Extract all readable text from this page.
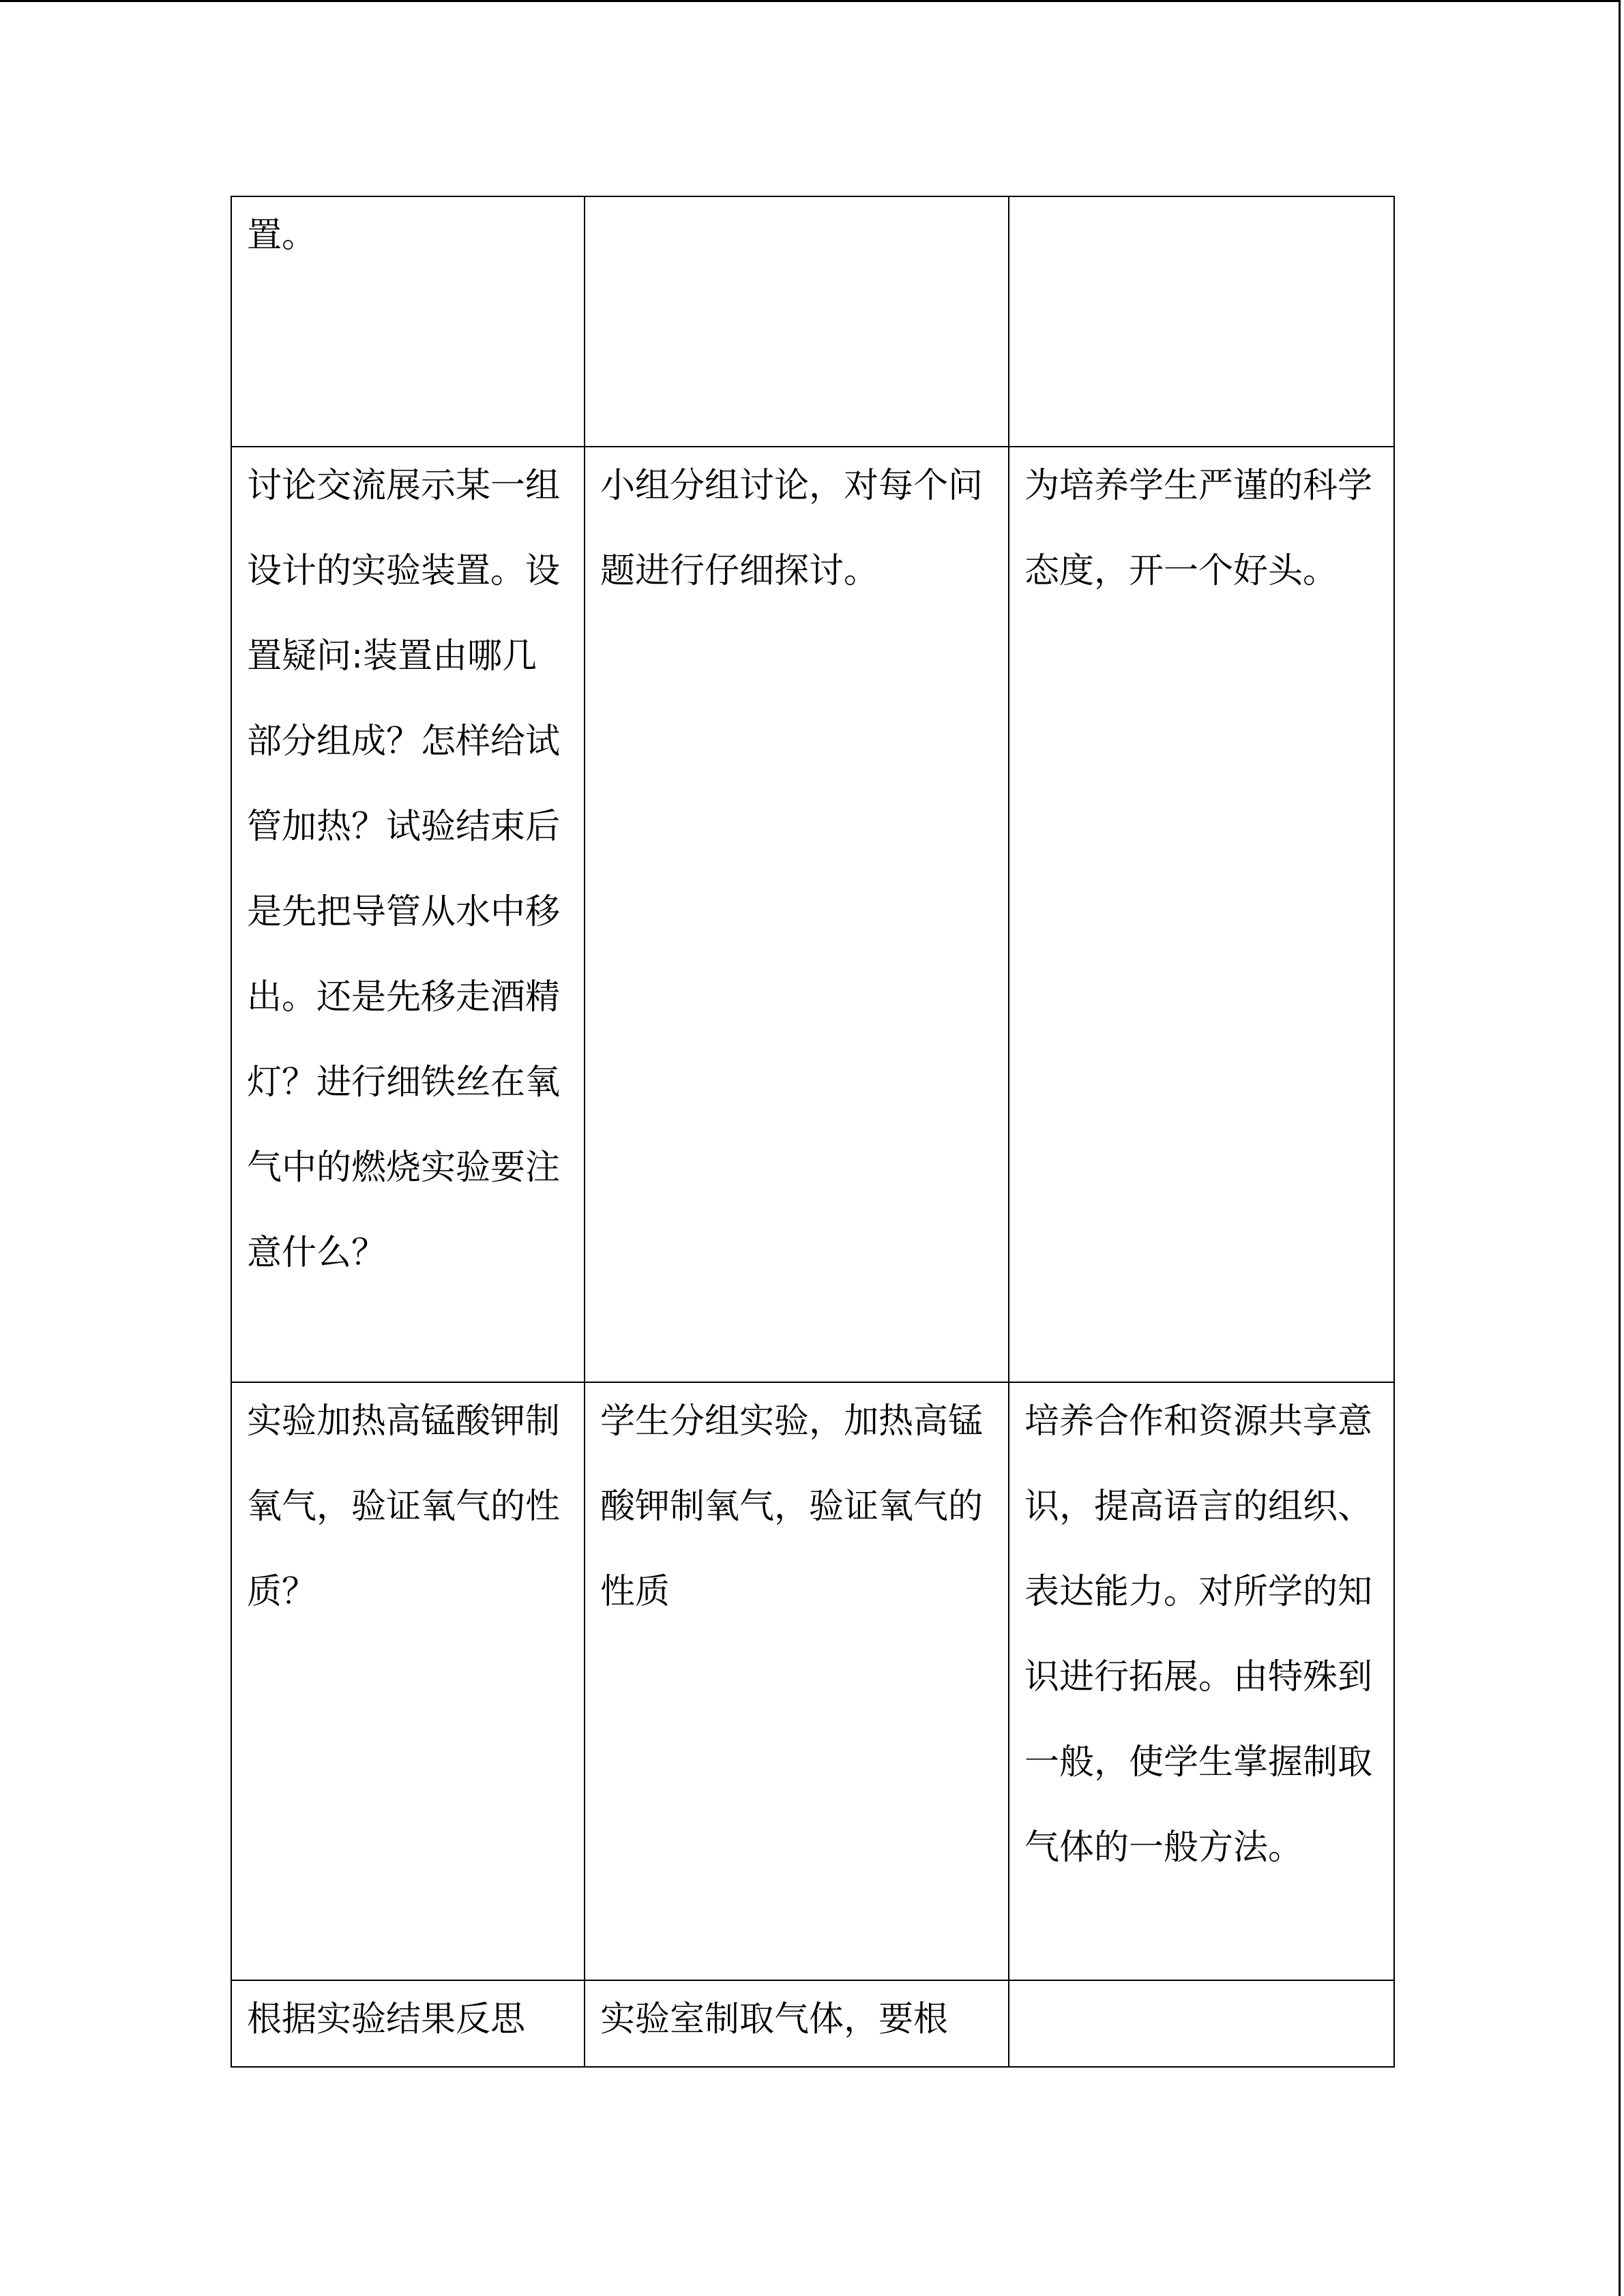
置。		

讨论交流展示某一组设计的实验装置。设置疑问:装置由哪几部分组成？怎样给试管加热？试验结束后是先把导管从水中移出。还是先移走酒精灯？进行细铁丝在氧气中的燃烧实验要注意什么？	小组分组讨论，对每个问题进行仔细探讨。	为培养学生严谨的科学态度，开一个好头。

实验加热高锰酸钾制氧气，验证氧气的性质？	学生分组实验，加热高锰酸钾制氧气，验证氧气的性质	培养合作和资源共享意识，提高语言的组织、表达能力。对所学的知识进行拓展。由特殊到一般，使学生掌握制取气体的一般方法。

根据实验结果反思	实验室制取气体，要根	
